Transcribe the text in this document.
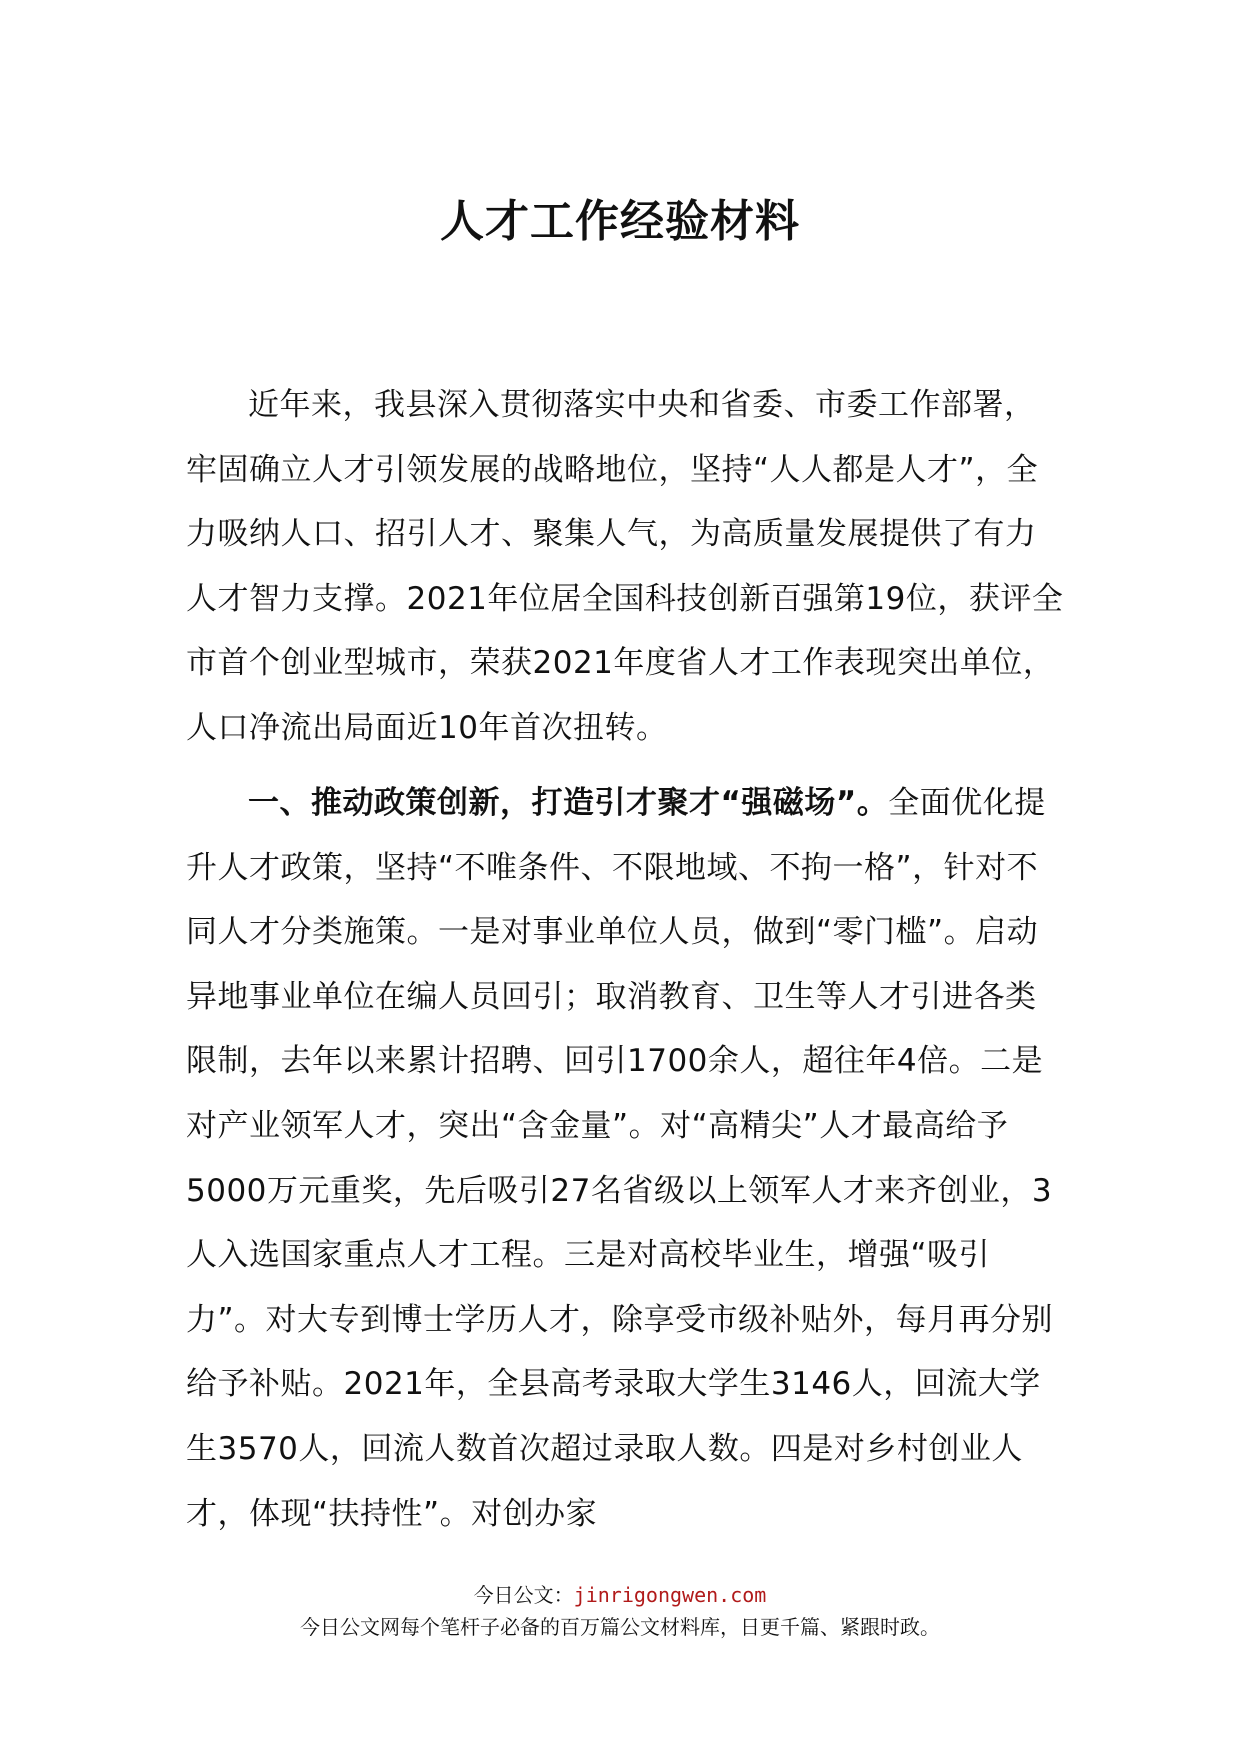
人才工作经验材料

近年来，我县深入贯彻落实中央和省委、市委工作部署，牢固确立人才引领发展的战略地位，坚持“人人都是人才”，全力吸纳人口、招引人才、聚集人气，为高质量发展提供了有力人才智力支撑。2021年位居全国科技创新百强第19位，获评全市首个创业型城市，荣获2021年度省人才工作表现突出单位，人口净流出局面近10年首次扭转。

一、推动政策创新，打造引才聚才“强磁场”。全面优化提升人才政策，坚持“不唯条件、不限地域、不拘一格”，针对不同人才分类施策。一是对事业单位人员，做到“零门槛”。启动异地事业单位在编人员回引；取消教育、卫生等人才引进各类限制，去年以来累计招聘、回引1700余人，超往年4倍。二是对产业领军人才，突出“含金量”。对“高精尖”人才最高给予5000万元重奖，先后吸引27名省级以上领军人才来齐创业，3人入选国家重点人才工程。三是对高校毕业生，增强“吸引力”。对大专到博士学历人才，除享受市级补贴外，每月再分别给予补贴。2021年，全县高考录取大学生3146人，回流大学生3570人，回流人数首次超过录取人数。四是对乡村创业人才，体现“扶持性”。对创办家

今日公文：jinrigongwen.com
今日公文网每个笔杆子必备的百万篇公文材料库，日更千篇、紧跟时政。
